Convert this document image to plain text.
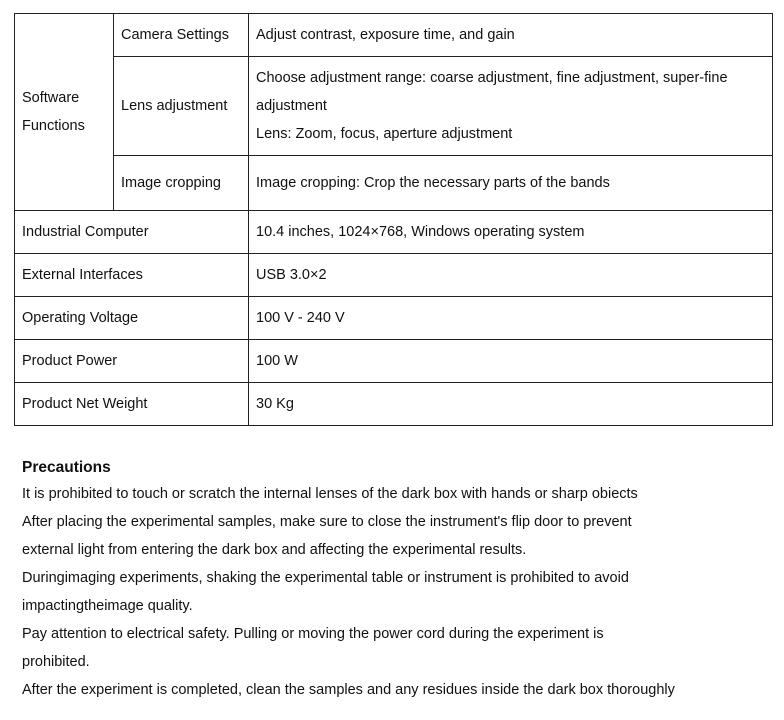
Software
Functions	Camera Settings	Adjust contrast, exposure time, and gain
	Lens adjustment	Choose adjustment range: coarse adjustment, fine adjustment, super-fine
adjustment
Lens: Zoom, focus, aperture adjustment
	Image cropping	Image cropping: Crop the necessary parts of the bands
Industrial Computer		10.4 inches, 1024×768, Windows operating system
External Interfaces		USB 3.0×2
Operating Voltage		100 V - 240 V
Product Power		100 W
Product Net Weight		30 Kg
Precautions

It is prohibited to touch or scratch the internal lenses of the dark box with hands or sharp obiects

After placing the experimental samples, make sure to close the instrument's flip door to prevent

external light from entering the dark box and affecting the experimental results.

Duringimaging experiments, shaking the experimental table or instrument is prohibited to avoid

impactingtheimage quality.

Pay attention to electrical safety. Pulling or moving the power cord during the experiment is

prohibited.

After the experiment is completed, clean the samples and any residues inside the dark box thoroughly
